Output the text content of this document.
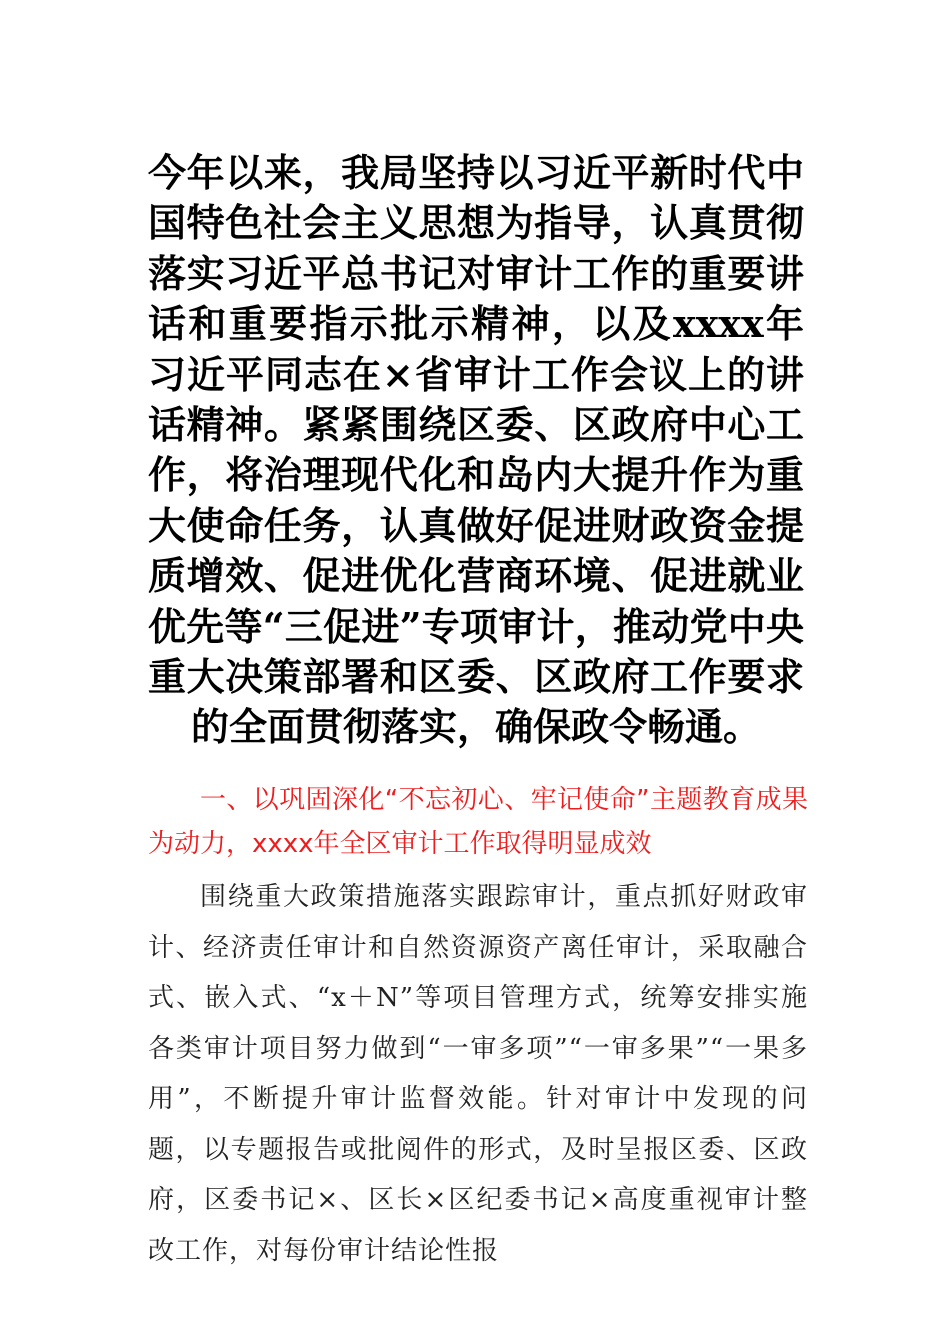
今年以来，我局坚持以习近平新时代中国特色社会主义思想为指导，认真贯彻落实习近平总书记对审计工作的重要讲话和重要指示批示精神，以及xxxx年习近平同志在×省审计工作会议上的讲话精神。紧紧围绕区委、区政府中心工作，将治理现代化和岛内大提升作为重大使命任务，认真做好促进财政资金提质增效、促进优化营商环境、促进就业优先等“三促进”专项审计，推动党中央重大决策部署和区委、区政府工作要求的全面贯彻落实，确保政令畅通。

一、以巩固深化“不忘初心、牢记使命”主题教育成果为动力，xxxx年全区审计工作取得明显成效

围绕重大政策措施落实跟踪审计，重点抓好财政审计、经济责任审计和自然资源资产离任审计，采取融合式、嵌入式、“x＋N”等项目管理方式，统筹安排实施各类审计项目努力做到“一审多项”“一审多果”“一果多用”，不断提升审计监督效能。针对审计中发现的问题，以专题报告或批阅件的形式，及时呈报区委、区政府，区委书记×、区长×区纪委书记×高度重视审计整改工作，对每份审计结论性报
